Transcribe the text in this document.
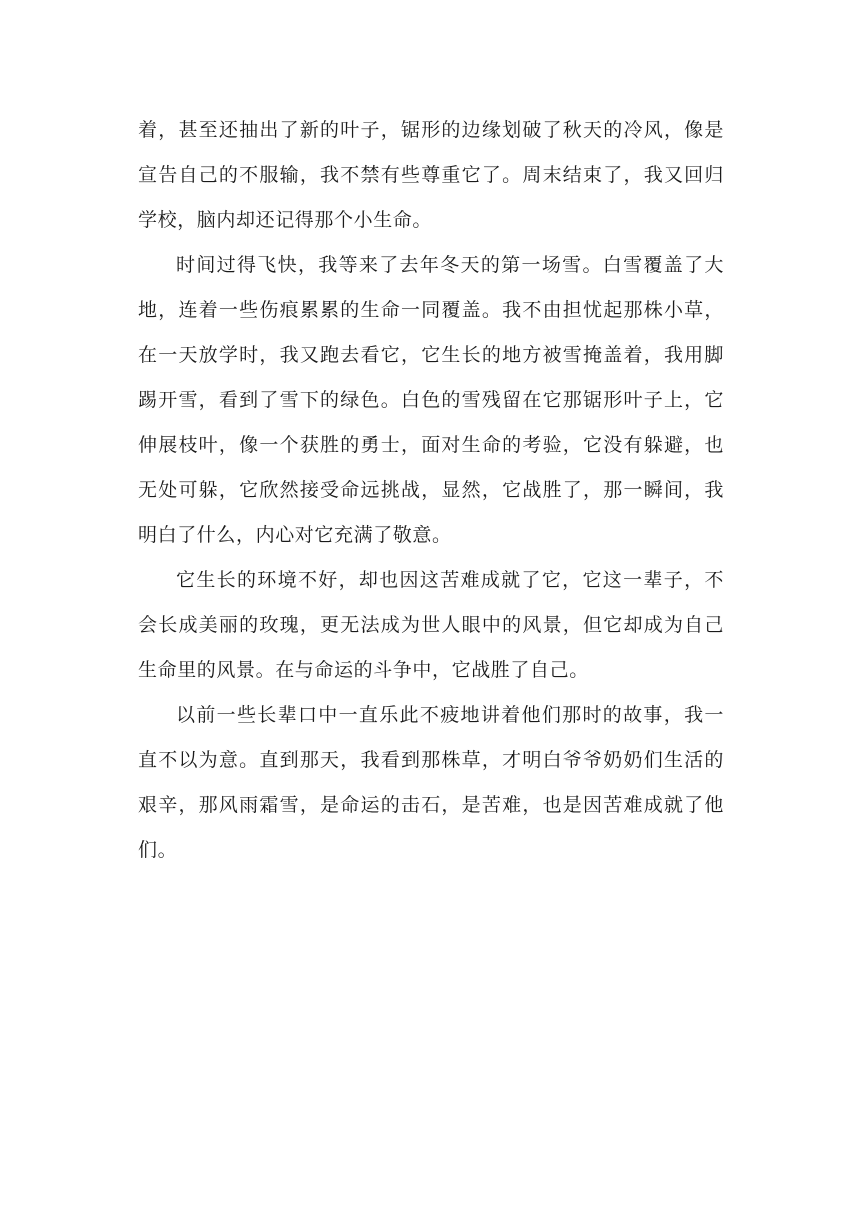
着，甚至还抽出了新的叶子，锯形的边缘划破了秋天的冷风，像是宣告自己的不服输，我不禁有些尊重它了。周末结束了，我又回归学校，脑内却还记得那个小生命。

时间过得飞快，我等来了去年冬天的第一场雪。白雪覆盖了大地，连着一些伤痕累累的生命一同覆盖。我不由担忧起那株小草，在一天放学时，我又跑去看它，它生长的地方被雪掩盖着，我用脚踢开雪，看到了雪下的绿色。白色的雪残留在它那锯形叶子上，它伸展枝叶，像一个获胜的勇士，面对生命的考验，它没有躲避，也无处可躲，它欣然接受命远挑战，显然，它战胜了，那一瞬间，我明白了什么，内心对它充满了敬意。

它生长的环境不好，却也因这苦难成就了它，它这一辈子，不会长成美丽的玫瑰，更无法成为世人眼中的风景，但它却成为自己生命里的风景。在与命运的斗争中，它战胜了自己。

以前一些长辈口中一直乐此不疲地讲着他们那时的故事，我一直不以为意。直到那天，我看到那株草，才明白爷爷奶奶们生活的艰辛，那风雨霜雪，是命运的击石，是苦难，也是因苦难成就了他们。
